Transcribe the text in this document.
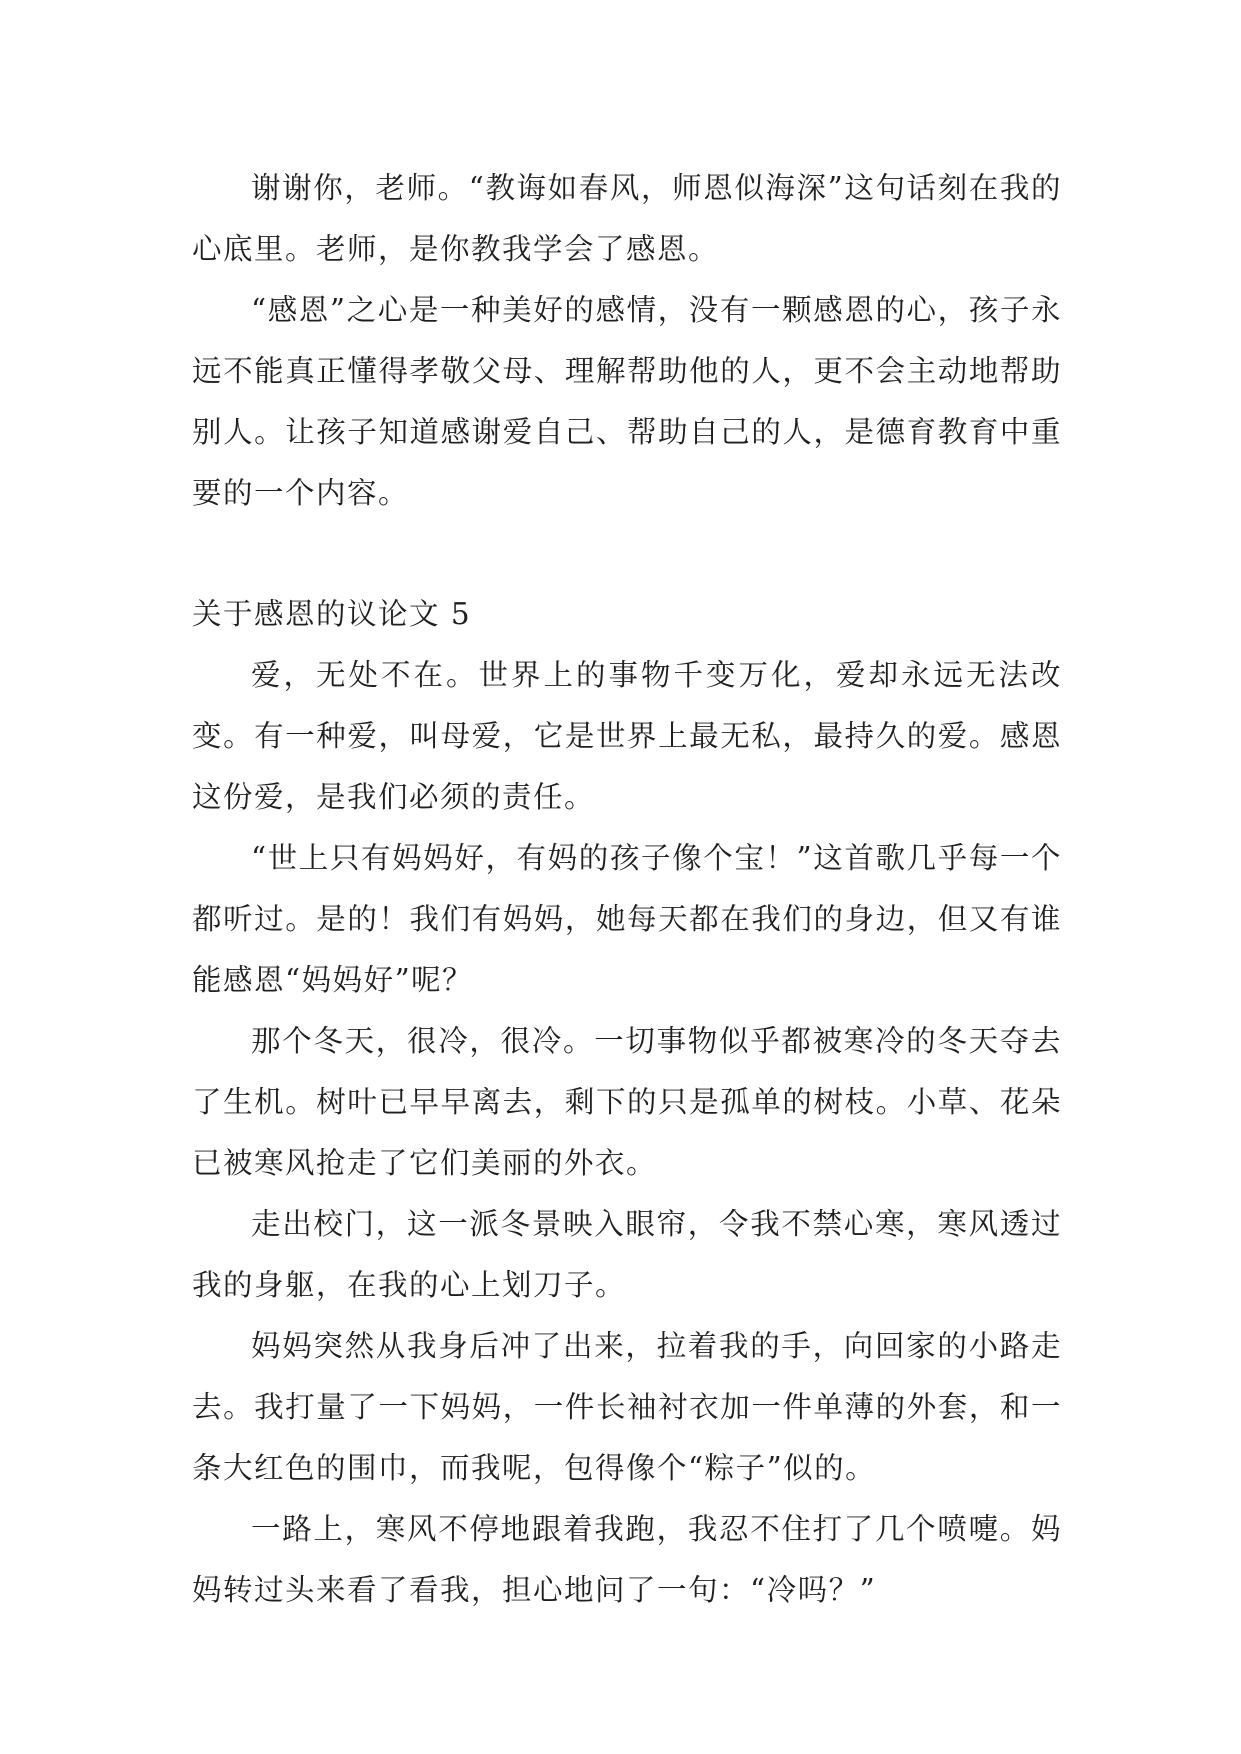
谢谢你，老师。“教诲如春风，师恩似海深”这句话刻在我的心底里。老师，是你教我学会了感恩。

“感恩”之心是一种美好的感情，没有一颗感恩的心，孩子永远不能真正懂得孝敬父母、理解帮助他的人，更不会主动地帮助别人。让孩子知道感谢爱自己、帮助自己的人，是德育教育中重要的一个内容。

关于感恩的议论文 5

爱，无处不在。世界上的事物千变万化，爱却永远无法改变。有一种爱，叫母爱，它是世界上最无私，最持久的爱。感恩这份爱，是我们必须的责任。

“世上只有妈妈好，有妈的孩子像个宝！”这首歌几乎每一个都听过。是的！我们有妈妈，她每天都在我们的身边，但又有谁能感恩“妈妈好”呢？

那个冬天，很冷，很冷。一切事物似乎都被寒冷的冬天夺去了生机。树叶已早早离去，剩下的只是孤单的树枝。小草、花朵已被寒风抢走了它们美丽的外衣。

走出校门，这一派冬景映入眼帘，令我不禁心寒，寒风透过我的身躯，在我的心上划刀子。

妈妈突然从我身后冲了出来，拉着我的手，向回家的小路走去。我打量了一下妈妈，一件长袖衬衣加一件单薄的外套，和一条大红色的围巾，而我呢，包得像个“粽子”似的。

一路上，寒风不停地跟着我跑，我忍不住打了几个喷嚏。妈妈转过头来看了看我，担心地问了一句：“冷吗？”
